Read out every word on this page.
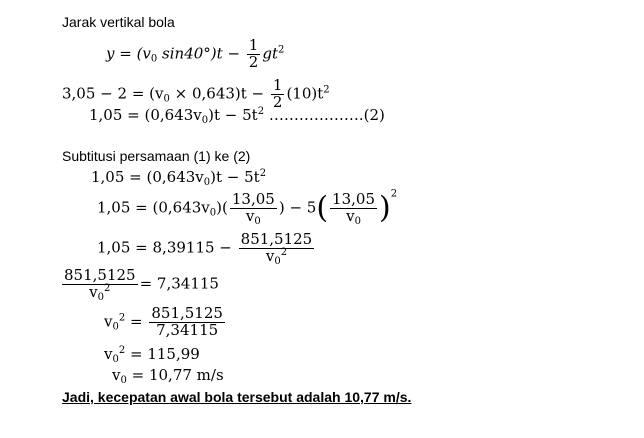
Jarak vertikal bola
$y = (v_0$ $\sin 40^\circ)t - \frac{1}{2} gt^2$
$3,05 - 2 = (v_0 \times 0,643)t - \frac{1}{2} (10)t^2$
$1,05 = (0,643v_0)t - 5t^2$ ……………….(2)
Subtitusi persamaan (1) ke (2)
$1,05 = (0,643v_0)t - 5t^2$
$1,05 = (0,643v_0)( \frac{13,05}{v_0}$ ) − $5( \frac{13,05}{v_0} )^2$
$1,05 = 8,39115 - \frac{851,5125}{v_0^2}$
$\frac{851,5125}{v_0^2} = 7,34115$
$v_0^2 = \frac{851,5125}{7,34115}$
$v_0^2 = 115,99$
$v_0 = 10,77$ m/s
Jadi, kecepatan awal bola tersebut adalah 10,77 m/s.
